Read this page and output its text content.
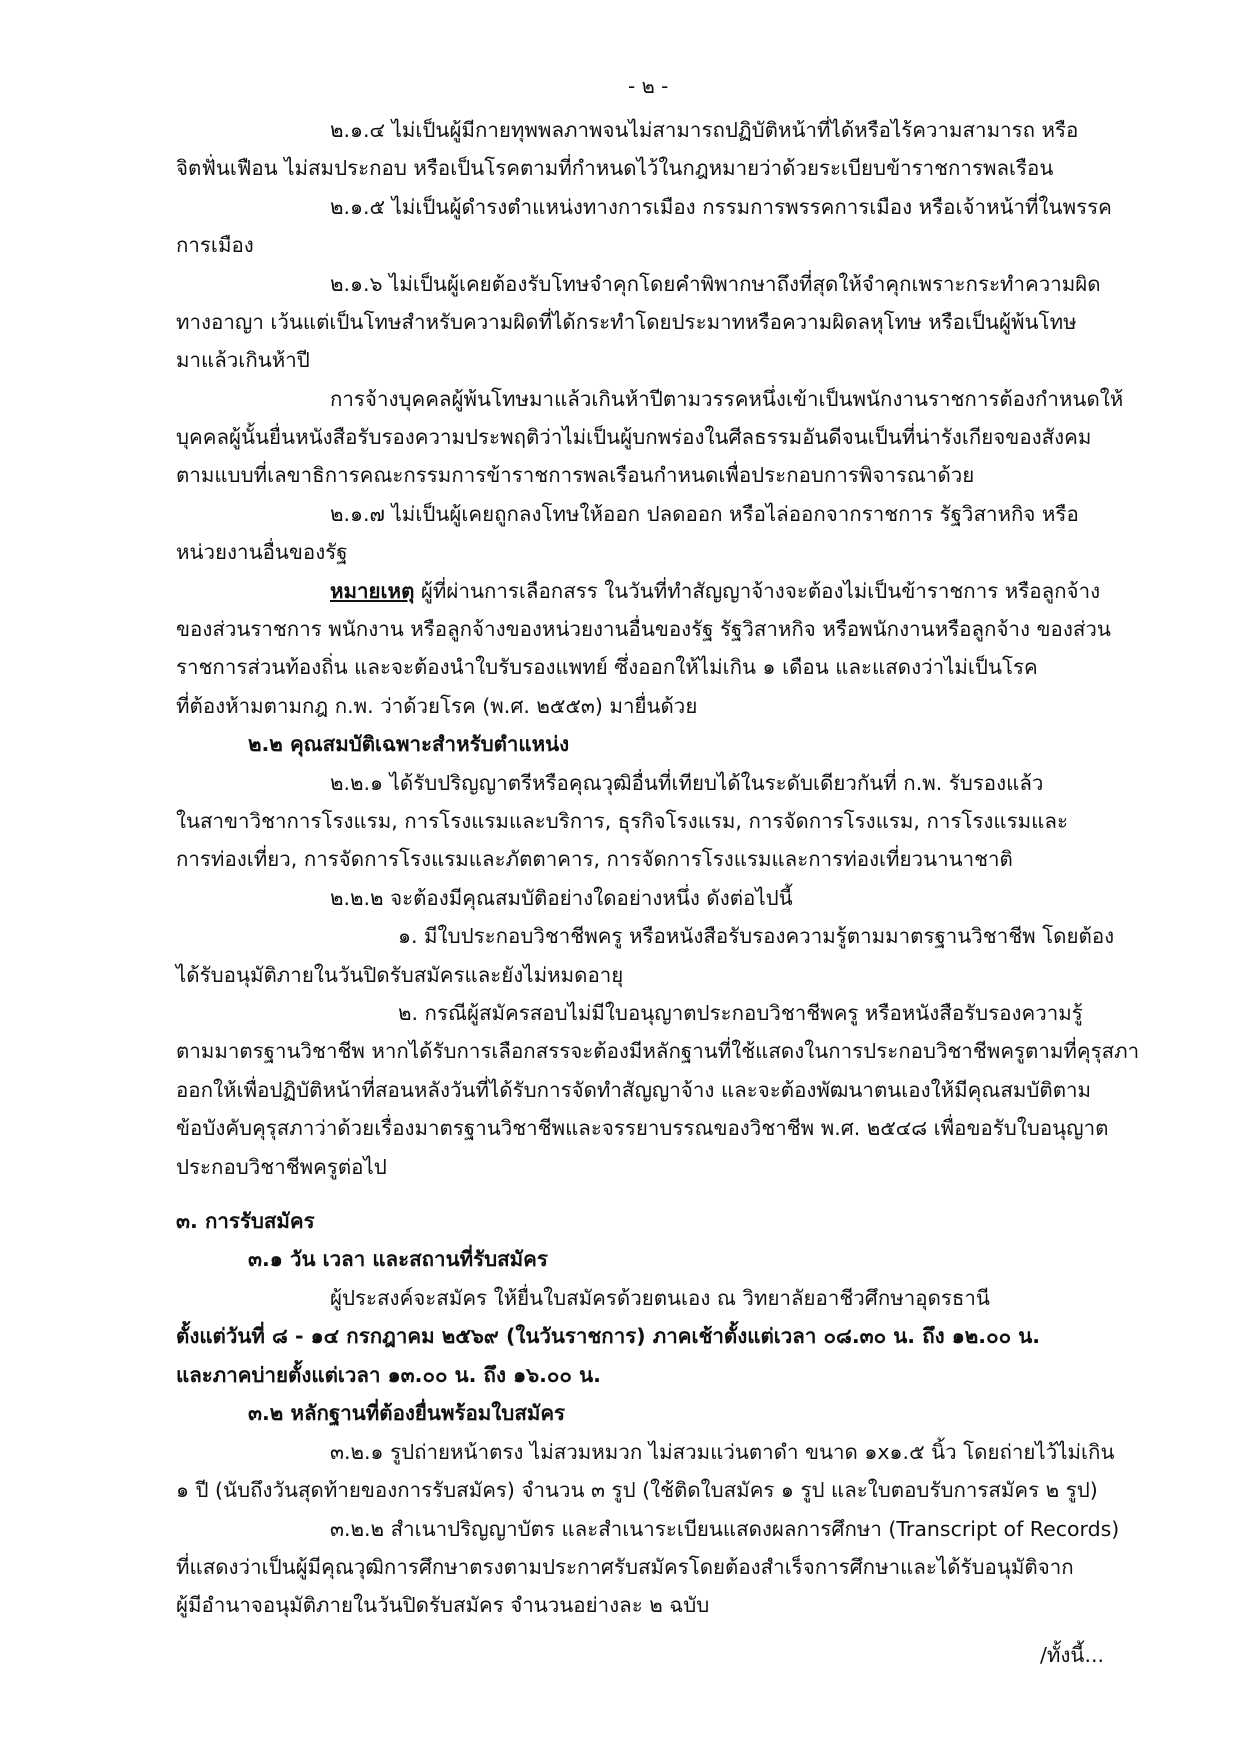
- ๒ -
๒.๑.๔ ไม่เป็นผู้มีกายทุพพลภาพจนไม่สามารถปฏิบัติหน้าที่ได้หรือไร้ความสามารถ หรือ
จิตฟั่นเฟือน ไม่สมประกอบ หรือเป็นโรคตามที่กำหนดไว้ในกฎหมายว่าด้วยระเบียบข้าราชการพลเรือน
๒.๑.๕ ไม่เป็นผู้ดำรงตำแหน่งทางการเมือง กรรมการพรรคการเมือง หรือเจ้าหน้าที่ในพรรค
การเมือง
๒.๑.๖ ไม่เป็นผู้เคยต้องรับโทษจำคุกโดยคำพิพากษาถึงที่สุดให้จำคุกเพราะกระทำความผิด
ทางอาญา เว้นแต่เป็นโทษสำหรับความผิดที่ได้กระทำโดยประมาทหรือความผิดลหุโทษ หรือเป็นผู้พ้นโทษ
มาแล้วเกินห้าปี
การจ้างบุคคลผู้พ้นโทษมาแล้วเกินห้าปีตามวรรคหนึ่งเข้าเป็นพนักงานราชการต้องกำหนดให้
บุคคลผู้นั้นยื่นหนังสือรับรองความประพฤติว่าไม่เป็นผู้บกพร่องในศีลธรรมอันดีจนเป็นที่น่ารังเกียจของสังคม
ตามแบบที่เลขาธิการคณะกรรมการข้าราชการพลเรือนกำหนดเพื่อประกอบการพิจารณาด้วย
๒.๑.๗ ไม่เป็นผู้เคยถูกลงโทษให้ออก ปลดออก หรือไล่ออกจากราชการ รัฐวิสาหกิจ หรือ
หน่วยงานอื่นของรัฐ
หมายเหตุ ผู้ที่ผ่านการเลือกสรร ในวันที่ทำสัญญาจ้างจะต้องไม่เป็นข้าราชการ หรือลูกจ้าง
ของส่วนราชการ พนักงาน หรือลูกจ้างของหน่วยงานอื่นของรัฐ รัฐวิสาหกิจ หรือพนักงานหรือลูกจ้าง ของส่วน
ราชการส่วนท้องถิ่น และจะต้องนำใบรับรองแพทย์ ซึ่งออกให้ไม่เกิน ๑ เดือน และแสดงว่าไม่เป็นโรค
ที่ต้องห้ามตามกฎ ก.พ. ว่าด้วยโรค (พ.ศ. ๒๕๕๓) มายื่นด้วย
๒.๒ คุณสมบัติเฉพาะสำหรับตำแหน่ง
๒.๒.๑ ได้รับปริญญาตรีหรือคุณวุฒิอื่นที่เทียบได้ในระดับเดียวกันที่ ก.พ. รับรองแล้ว
ในสาขาวิชาการโรงแรม, การโรงแรมและบริการ, ธุรกิจโรงแรม, การจัดการโรงแรม, การโรงแรมและ
การท่องเที่ยว, การจัดการโรงแรมและภัตตาคาร, การจัดการโรงแรมและการท่องเที่ยวนานาชาติ
๒.๒.๒ จะต้องมีคุณสมบัติอย่างใดอย่างหนึ่ง ดังต่อไปนี้
๑. มีใบประกอบวิชาชีพครู หรือหนังสือรับรองความรู้ตามมาตรฐานวิชาชีพ โดยต้อง
ได้รับอนุมัติภายในวันปิดรับสมัครและยังไม่หมดอายุ
๒. กรณีผู้สมัครสอบไม่มีใบอนุญาตประกอบวิชาชีพครู หรือหนังสือรับรองความรู้
ตามมาตรฐานวิชาชีพ หากได้รับการเลือกสรรจะต้องมีหลักฐานที่ใช้แสดงในการประกอบวิชาชีพครูตามที่คุรุสภา
ออกให้เพื่อปฏิบัติหน้าที่สอนหลังวันที่ได้รับการจัดทำสัญญาจ้าง และจะต้องพัฒนาตนเองให้มีคุณสมบัติตาม
ข้อบังคับคุรุสภาว่าด้วยเรื่องมาตรฐานวิชาชีพและจรรยาบรรณของวิชาชีพ พ.ศ. ๒๕๔๘ เพื่อขอรับใบอนุญาต
ประกอบวิชาชีพครูต่อไป
๓. การรับสมัคร
๓.๑ วัน เวลา และสถานที่รับสมัคร
ผู้ประสงค์จะสมัคร ให้ยื่นใบสมัครด้วยตนเอง ณ วิทยาลัยอาชีวศึกษาอุดรธานี
ตั้งแต่วันที่ ๘ - ๑๔ กรกฎาคม ๒๕๖๙ (ในวันราชการ) ภาคเช้าตั้งแต่เวลา ๐๘.๓๐ น. ถึง ๑๒.๐๐ น.
และภาคบ่ายตั้งแต่เวลา ๑๓.๐๐ น. ถึง ๑๖.๐๐ น.
๓.๒ หลักฐานที่ต้องยื่นพร้อมใบสมัคร
๓.๒.๑ รูปถ่ายหน้าตรง ไม่สวมหมวก ไม่สวมแว่นตาดำ ขนาด ๑x๑.๕ นิ้ว โดยถ่ายไว้ไม่เกิน
๑ ปี (นับถึงวันสุดท้ายของการรับสมัคร) จำนวน ๓ รูป (ใช้ติดใบสมัคร ๑ รูป และใบตอบรับการสมัคร ๒ รูป)
๓.๒.๒ สำเนาปริญญาบัตร และสำเนาระเบียนแสดงผลการศึกษา (Transcript of Records)
ที่แสดงว่าเป็นผู้มีคุณวุฒิการศึกษาตรงตามประกาศรับสมัครโดยต้องสำเร็จการศึกษาและได้รับอนุมัติจาก
ผู้มีอำนาจอนุมัติภายในวันปิดรับสมัคร จำนวนอย่างละ ๒ ฉบับ
/ทั้งนี้...
